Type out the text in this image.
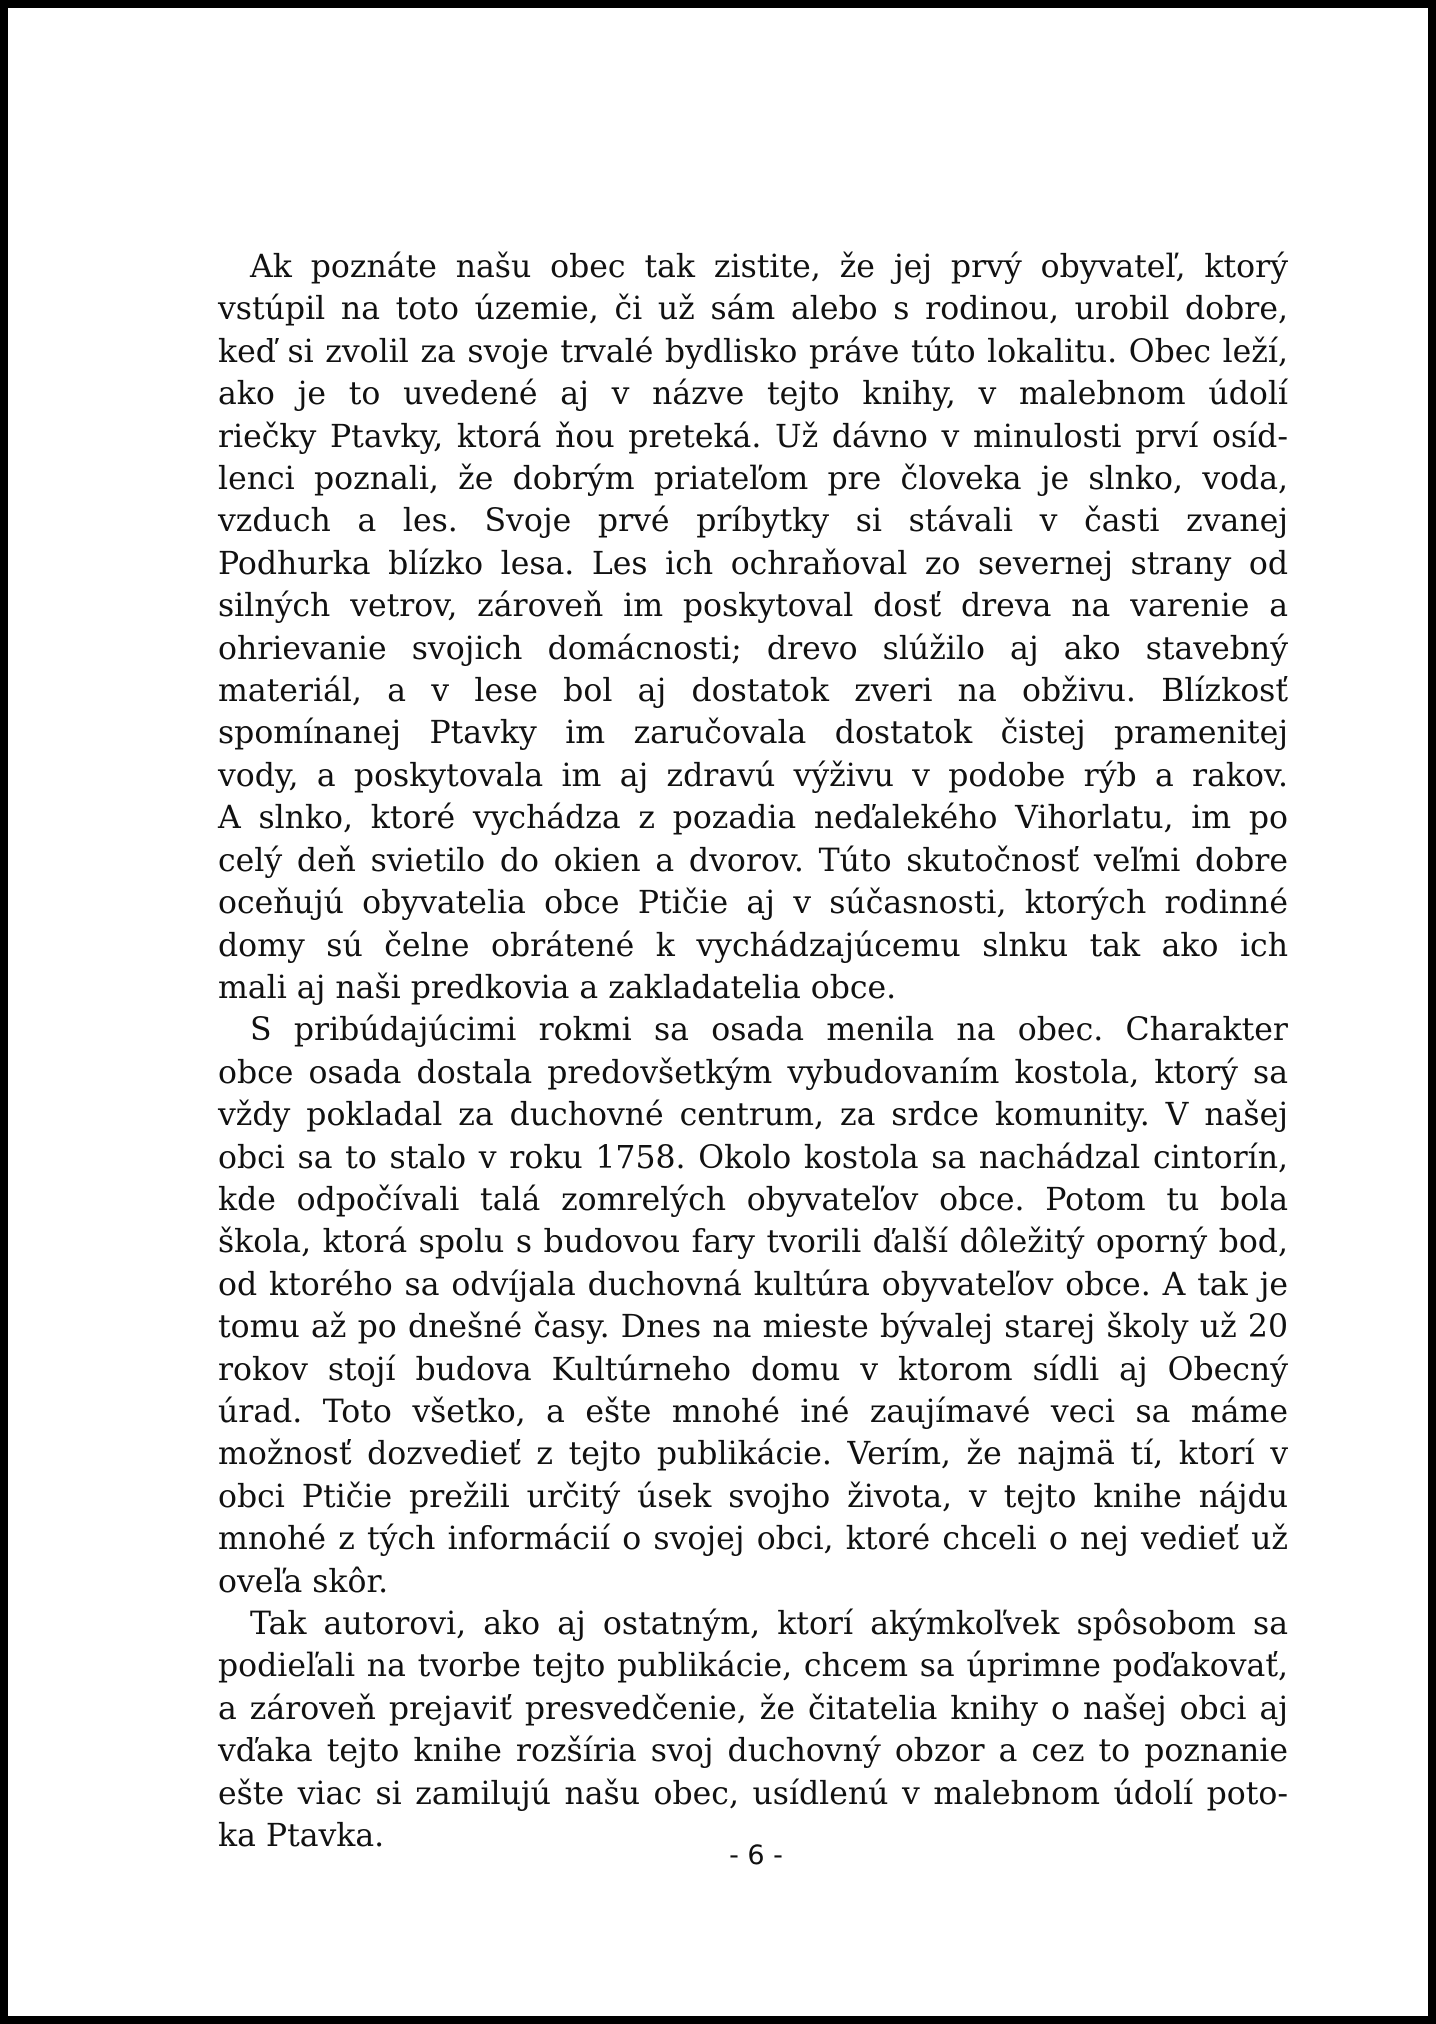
Ak poznáte našu obec tak zistite, že jej prvý obyvateľ, ktorý
vstúpil na toto územie, či už sám alebo s rodinou, urobil dobre,
keď si zvolil za svoje trvalé bydlisko práve túto lokalitu. Obec leží,
ako je to uvedené aj v názve tejto knihy, v malebnom údolí
riečky Ptavky, ktorá ňou preteká. Už dávno v minulosti prví osíd-
lenci poznali, že dobrým priateľom pre človeka je slnko, voda,
vzduch a les. Svoje prvé príbytky si stávali v časti zvanej
Podhurka blízko lesa. Les ich ochraňoval zo severnej strany od
silných vetrov, zároveň im poskytoval dosť dreva na varenie a
ohrievanie svojich domácnosti; drevo slúžilo aj ako stavebný
materiál, a v lese bol aj dostatok zveri na obživu. Blízkosť
spomínanej Ptavky im zaručovala dostatok čistej pramenitej
vody, a poskytovala im aj zdravú výživu v podobe rýb a rakov.
A slnko, ktoré vychádza z pozadia neďalekého Vihorlatu, im po
celý deň svietilo do okien a dvorov. Túto skutočnosť veľmi dobre
oceňujú obyvatelia obce Ptičie aj v súčasnosti, ktorých rodinné
domy sú čelne obrátené k vychádzajúcemu slnku tak ako ich
mali aj naši predkovia a zakladatelia obce.
S pribúdajúcimi rokmi sa osada menila na obec. Charakter
obce osada dostala predovšetkým vybudovaním kostola, ktorý sa
vždy pokladal za duchovné centrum, za srdce komunity. V našej
obci sa to stalo v roku 1758. Okolo kostola sa nachádzal cintorín,
kde odpočívali talá zomrelých obyvateľov obce. Potom tu bola
škola, ktorá spolu s budovou fary tvorili ďalší dôležitý oporný bod,
od ktorého sa odvíjala duchovná kultúra obyvateľov obce. A tak je
tomu až po dnešné časy. Dnes na mieste bývalej starej školy už 20
rokov stojí budova Kultúrneho domu v ktorom sídli aj Obecný
úrad. Toto všetko, a ešte mnohé iné zaujímavé veci sa máme
možnosť dozvedieť z tejto publikácie. Verím, že najmä tí, ktorí v
obci Ptičie prežili určitý úsek svojho života, v tejto knihe nájdu
mnohé z tých informácií o svojej obci, ktoré chceli o nej vedieť už
oveľa skôr.
Tak autorovi, ako aj ostatným, ktorí akýmkoľvek spôsobom sa
podieľali na tvorbe tejto publikácie, chcem sa úprimne poďakovať,
a zároveň prejaviť presvedčenie, že čitatelia knihy o našej obci aj
vďaka tejto knihe rozšíria svoj duchovný obzor a cez to poznanie
ešte viac si zamilujú našu obec, usídlenú v malebnom údolí poto-
ka Ptavka.
- 6 -
